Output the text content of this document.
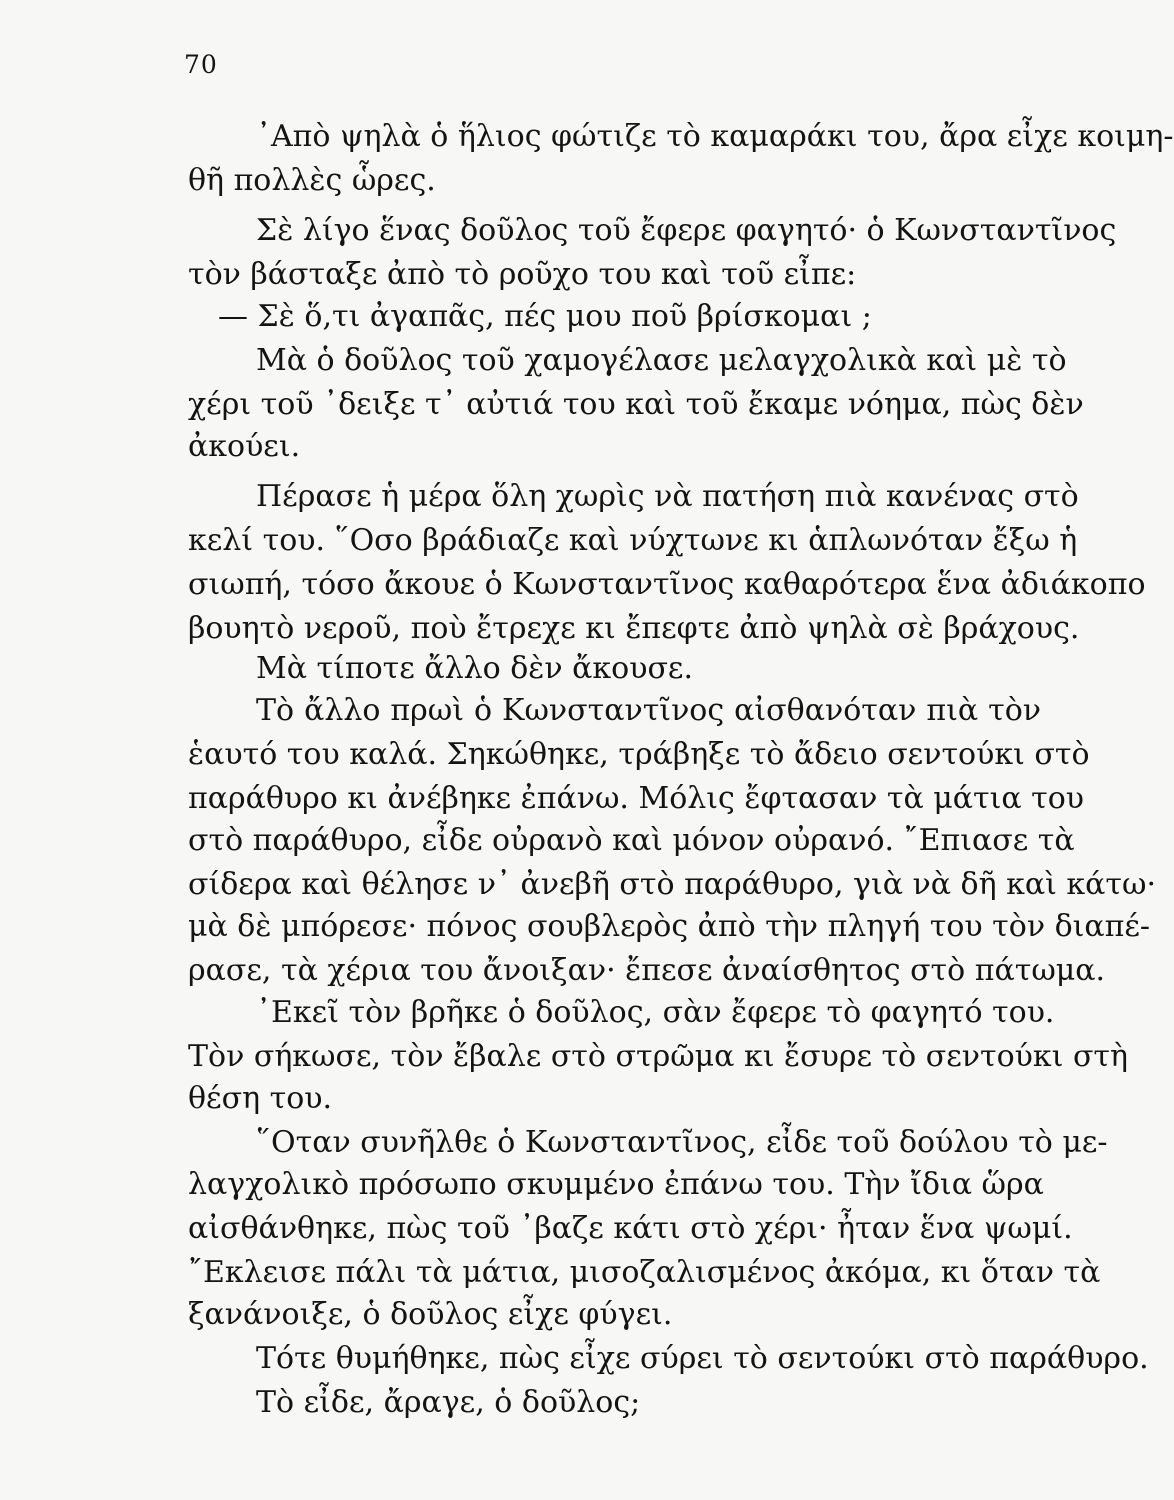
70
᾿Απὸ ψηλὰ ὁ ἥλιος φώτιζε τὸ καμαράκι του, ἄρα εἶχε κοιμη-
θῆ πολλὲς ὧρες.
Σὲ λίγο ἕνας δοῦλος τοῦ ἔφερε φαγητό· ὁ Κωνσταντῖνος
τὸν βάσταξε ἀπὸ τὸ ροῦχο του καὶ τοῦ εἶπε:
— Σὲ ὅ,τι ἀγαπᾶς, πές μου ποῦ βρίσκομαι ;
Μὰ ὁ δοῦλος τοῦ χαμογέλασε μελαγχολικὰ καὶ μὲ τὸ
χέρι τοῦ ᾿δειξε τ᾿ αὐτιά του καὶ τοῦ ἔκαμε νόημα, πὼς δὲν
ἀκούει.
Πέρασε ἡ μέρα ὅλη χωρὶς νὰ πατήση πιὰ κανένας στὸ
κελί του. ῞Οσο βράδιαζε καὶ νύχτωνε κι ἁπλωνόταν ἔξω ἡ
σιωπή, τόσο ἄκουε ὁ Κωνσταντῖνος καθαρότερα ἕνα ἀδιάκοπο
βουητὸ νεροῦ, ποὺ ἔτρεχε κι ἔπεφτε ἀπὸ ψηλὰ σὲ βράχους.
Μὰ τίποτε ἄλλο δὲν ἄκουσε.
Τὸ ἄλλο πρωὶ ὁ Κωνσταντῖνος αἰσθανόταν πιὰ τὸν
ἑαυτό του καλά. Σηκώθηκε, τράβηξε τὸ ἄδειο σεντούκι στὸ
παράθυρο κι ἀνέβηκε ἐπάνω. Μόλις ἔφτασαν τὰ μάτια του
στὸ παράθυρο, εἶδε οὐρανὸ καὶ μόνον οὐρανό. ῎Επιασε τὰ
σίδερα καὶ θέλησε ν᾿ ἀνεβῆ στὸ παράθυρο, γιὰ νὰ δῆ καὶ κάτω·
μὰ δὲ μπόρεσε· πόνος σουβλερὸς ἀπὸ τὴν πληγή του τὸν διαπέ-
ρασε, τὰ χέρια του ἄνοιξαν· ἔπεσε ἀναίσθητος στὸ πάτωμα.
᾿Εκεῖ τὸν βρῆκε ὁ δοῦλος, σὰν ἔφερε τὸ φαγητό του.
Τὸν σήκωσε, τὸν ἔβαλε στὸ στρῶμα κι ἔσυρε τὸ σεντούκι στὴ
θέση του.
῞Οταν συνῆλθε ὁ Κωνσταντῖνος, εἶδε τοῦ δούλου τὸ με-
λαγχολικὸ πρόσωπο σκυμμένο ἐπάνω του. Τὴν ἴδια ὥρα
αἰσθάνθηκε, πὼς τοῦ ᾿βαζε κάτι στὸ χέρι· ἦταν ἕνα ψωμί.
῎Εκλεισε πάλι τὰ μάτια, μισοζαλισμένος ἀκόμα, κι ὅταν τὰ
ξανάνοιξε, ὁ δοῦλος εἶχε φύγει.
Τότε θυμήθηκε, πὼς εἶχε σύρει τὸ σεντούκι στὸ παράθυρο.
Τὸ εἶδε, ἄραγε, ὁ δοῦλος;
